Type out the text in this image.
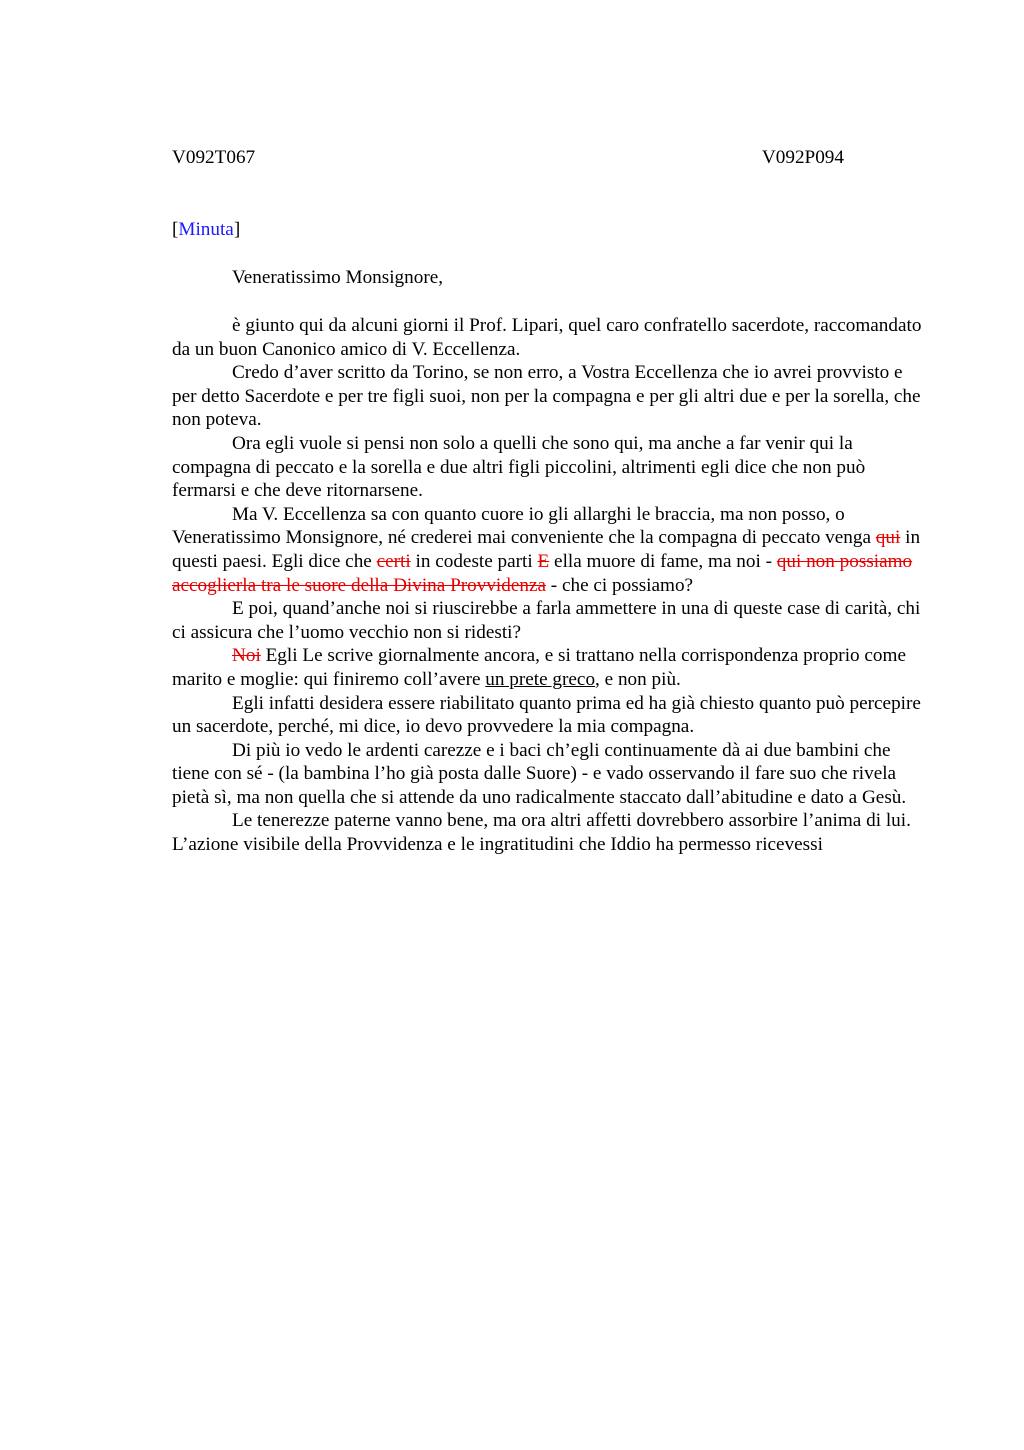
V092T067	V092P094
[Minuta]
Veneratissimo Monsignore,

è giunto qui da alcuni giorni il Prof. Lipari, quel caro confratello sacerdote, raccomandato da un buon Canonico amico di V. Eccellenza.

Credo d’aver scritto da Torino, se non erro, a Vostra Eccellenza che io avrei provvisto e per detto Sacerdote e per tre figli suoi, non per la compagna e per gli altri due e per la sorella, che non poteva.

Ora egli vuole si pensi non solo a quelli che sono qui, ma anche a far venir qui la compagna di peccato e la sorella e due altri figli piccolini, altrimenti egli dice che non può fermarsi e che deve ritornarsene.

Ma V. Eccellenza sa con quanto cuore io gli allarghi le braccia, ma non posso, o Veneratissimo Monsignore, né crederei mai conveniente che la compagna di peccato venga qui in questi paesi. Egli dice che certi in codeste parti E ella muore di fame, ma noi - qui non possiamo accoglierla tra le suore della Divina Provvidenza - che ci possiamo?

E poi, quand’anche noi si riuscirebbe a farla ammettere in una di queste case di carità, chi ci assicura che l’uomo vecchio non si ridesti?

Noi Egli Le scrive giornalmente ancora, e si trattano nella corrispondenza proprio come marito e moglie: qui finiremo coll’avere un prete greco, e non più.

Egli infatti desidera essere riabilitato quanto prima ed ha già chiesto quanto può percepire un sacerdote, perché, mi dice, io devo provvedere la mia compagna.

Di più io vedo le ardenti carezze e i baci ch’egli continuamente dà ai due bambini che tiene con sé - (la bambina l’ho già posta dalle Suore) - e vado osservando il fare suo che rivela pietà sì, ma non quella che si attende da uno radicalmente staccato dall’abitudine e dato a Gesù.

Le tenerezze paterne vanno bene, ma ora altri affetti dovrebbero assorbire l’anima di lui. L’azione visibile della Provvidenza e le ingratitudini che Iddio ha permesso ricevessi
